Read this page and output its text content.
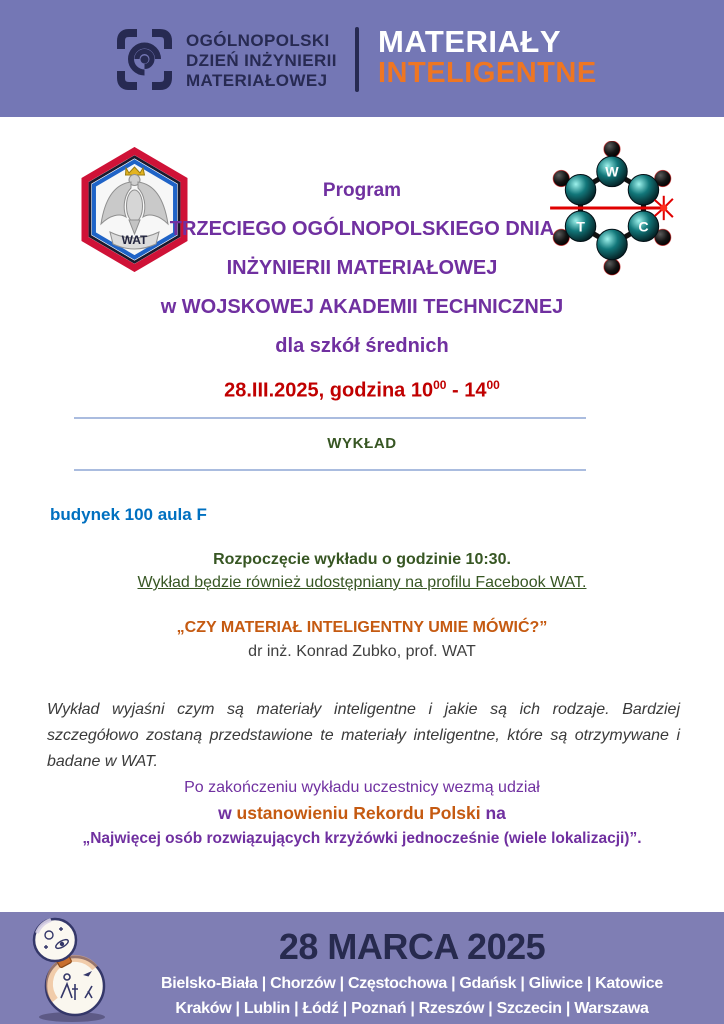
OGÓLNOPOLSKI
DZIEŃ INŻYNIERII
MATERIAŁOWEJ
MATERIAŁY
INTELIGENTNE
WAT
W
T	C
Program
TRZECIEGO OGÓLNOPOLSKIEGO DNIA
INŻYNIERII MATERIAŁOWEJ
w WOJSKOWEJ AKADEMII TECHNICZNEJ
dla szkół średnich
28.III.2025, godzina $10^{00} - 14^{00}$
WYKŁAD
budynek 100 aula F
Rozpoczęcie wykładu o godzinie 10:30.
Wykład będzie również udostępniany na profilu Facebook WAT.
„CZY MATERIAŁ INTELIGENTNY UMIE MÓWIĆ?”
dr inż. Konrad Zubko, prof. WAT

Wykład wyjaśni czym są materiały inteligentne i jakie są ich rodzaje. Bardziej szczegółowo zostaną przedstawione te materiały inteligentne, które są otrzymywane i badane w WAT.

Po zakończeniu wykładu uczestnicy wezmą udział
w ustanowieniu Rekordu Polski na
„Najwięcej osób rozwiązujących krzyżówki jednocześnie (wiele lokalizacji)”.
28 MARCA 2025
Bielsko-Biała | Chorzów | Częstochowa | Gdańsk | Gliwice | Katowice
Kraków | Lublin | Łódź | Poznań | Rzeszów | Szczecin | Warszawa
